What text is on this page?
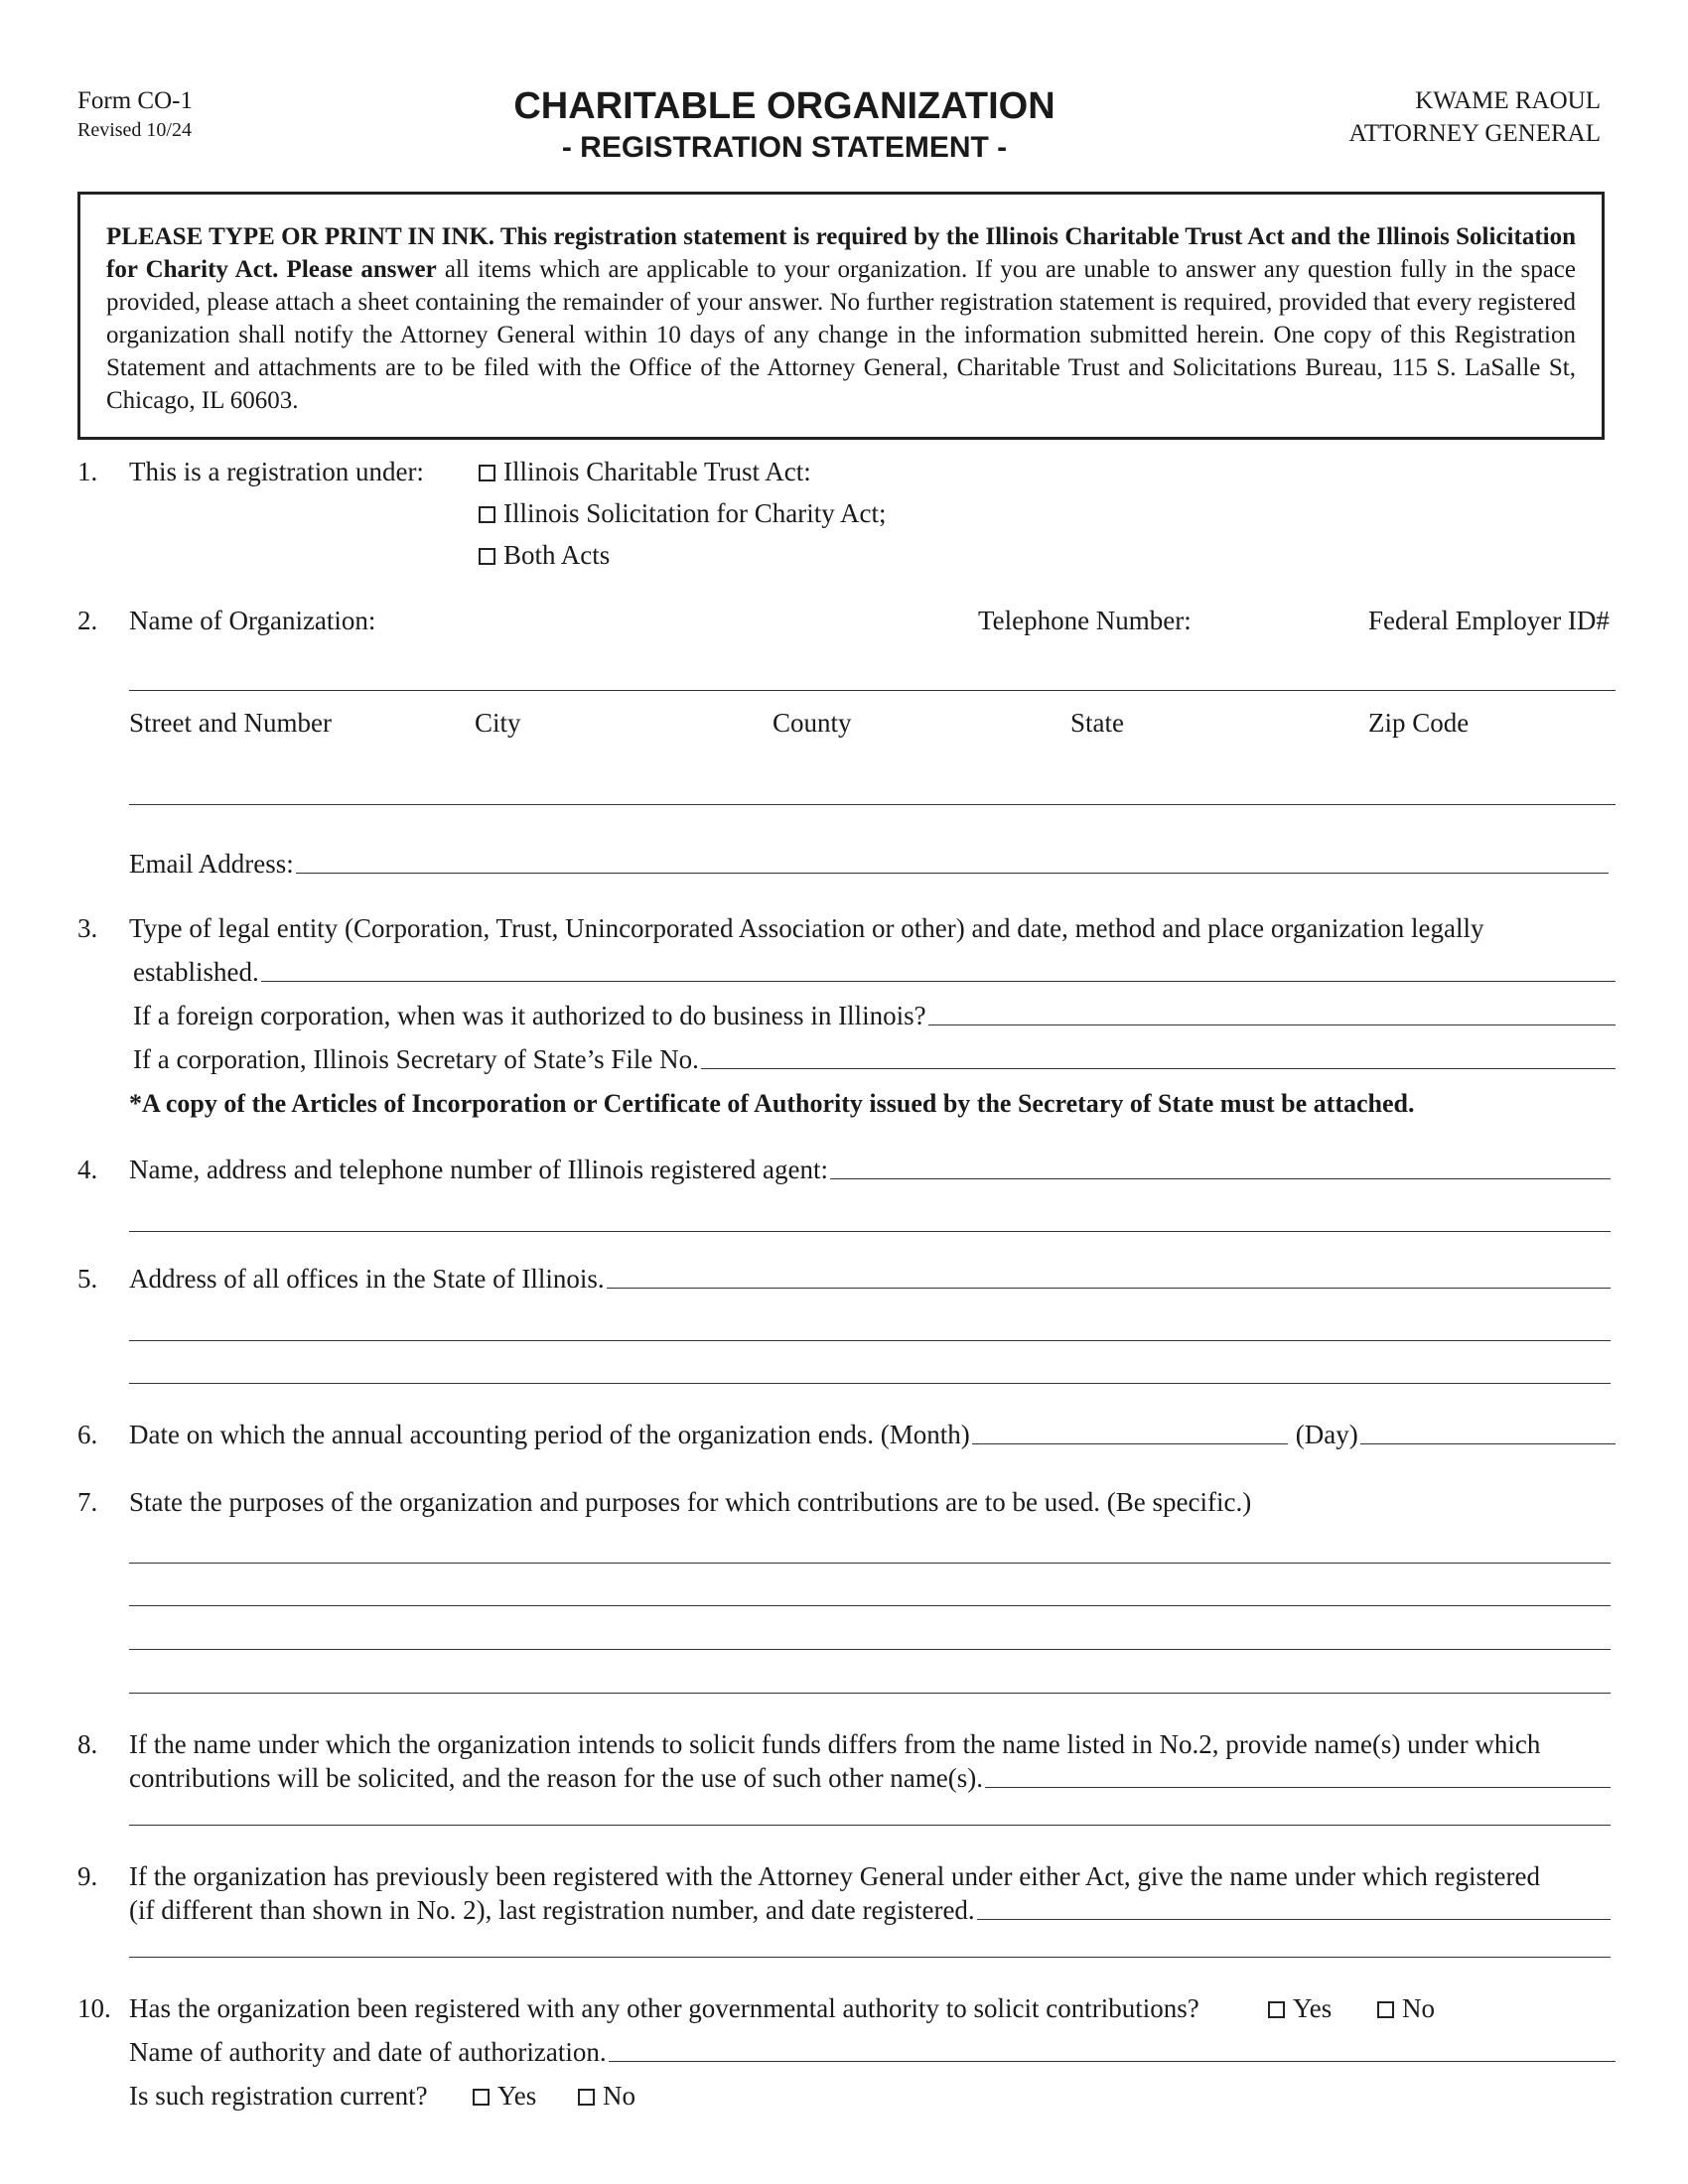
Form CO-1
Revised 10/24
CHARITABLE ORGANIZATION
- REGISTRATION STATEMENT -
KWAME RAOUL
ATTORNEY GENERAL
PLEASE TYPE OR PRINT IN INK. This registration statement is required by the Illinois Charitable Trust Act and the Illinois Solicitation for Charity Act. Please answer all items which are applicable to your organization. If you are unable to answer any question fully in the space provided, please attach a sheet containing the remainder of your answer. No further registration statement is required, provided that every registered organization shall notify the Attorney General within 10 days of any change in the information submitted herein. One copy of this Registration Statement and attachments are to be filed with the Office of the Attorney General, Charitable Trust and Solicitations Bureau, 115 S. LaSalle St, Chicago, IL 60603.
1. This is a registration under:	Illinois Charitable Trust Act:
Illinois Solicitation for Charity Act;
Both Acts
2. Name of Organization:	Telephone Number:	Federal Employer ID#
Street and Number	City	County	State	Zip Code
Email Address:
3. Type of legal entity (Corporation, Trust, Unincorporated Association or other) and date, method and place organization legally
established.
If a foreign corporation, when was it authorized to do business in Illinois?
If a corporation, Illinois Secretary of State’s File No.
*A copy of the Articles of Incorporation or Certificate of Authority issued by the Secretary of State must be attached.
4. Name, address and telephone number of Illinois registered agent:
5. Address of all offices in the State of Illinois.
6. Date on which the annual accounting period of the organization ends. (Month)	(Day)
7. State the purposes of the organization and purposes for which contributions are to be used. (Be specific.)
8. If the name under which the organization intends to solicit funds differs from the name listed in No.2, provide name(s) under which
contributions will be solicited, and the reason for the use of such other name(s).
9. If the organization has previously been registered with the Attorney General under either Act, give the name under which registered
(if different than shown in No. 2), last registration number, and date registered.
10. Has the organization been registered with any other governmental authority to solicit contributions?	Yes	No
Name of authority and date of authorization.
Is such registration current?	Yes	No
